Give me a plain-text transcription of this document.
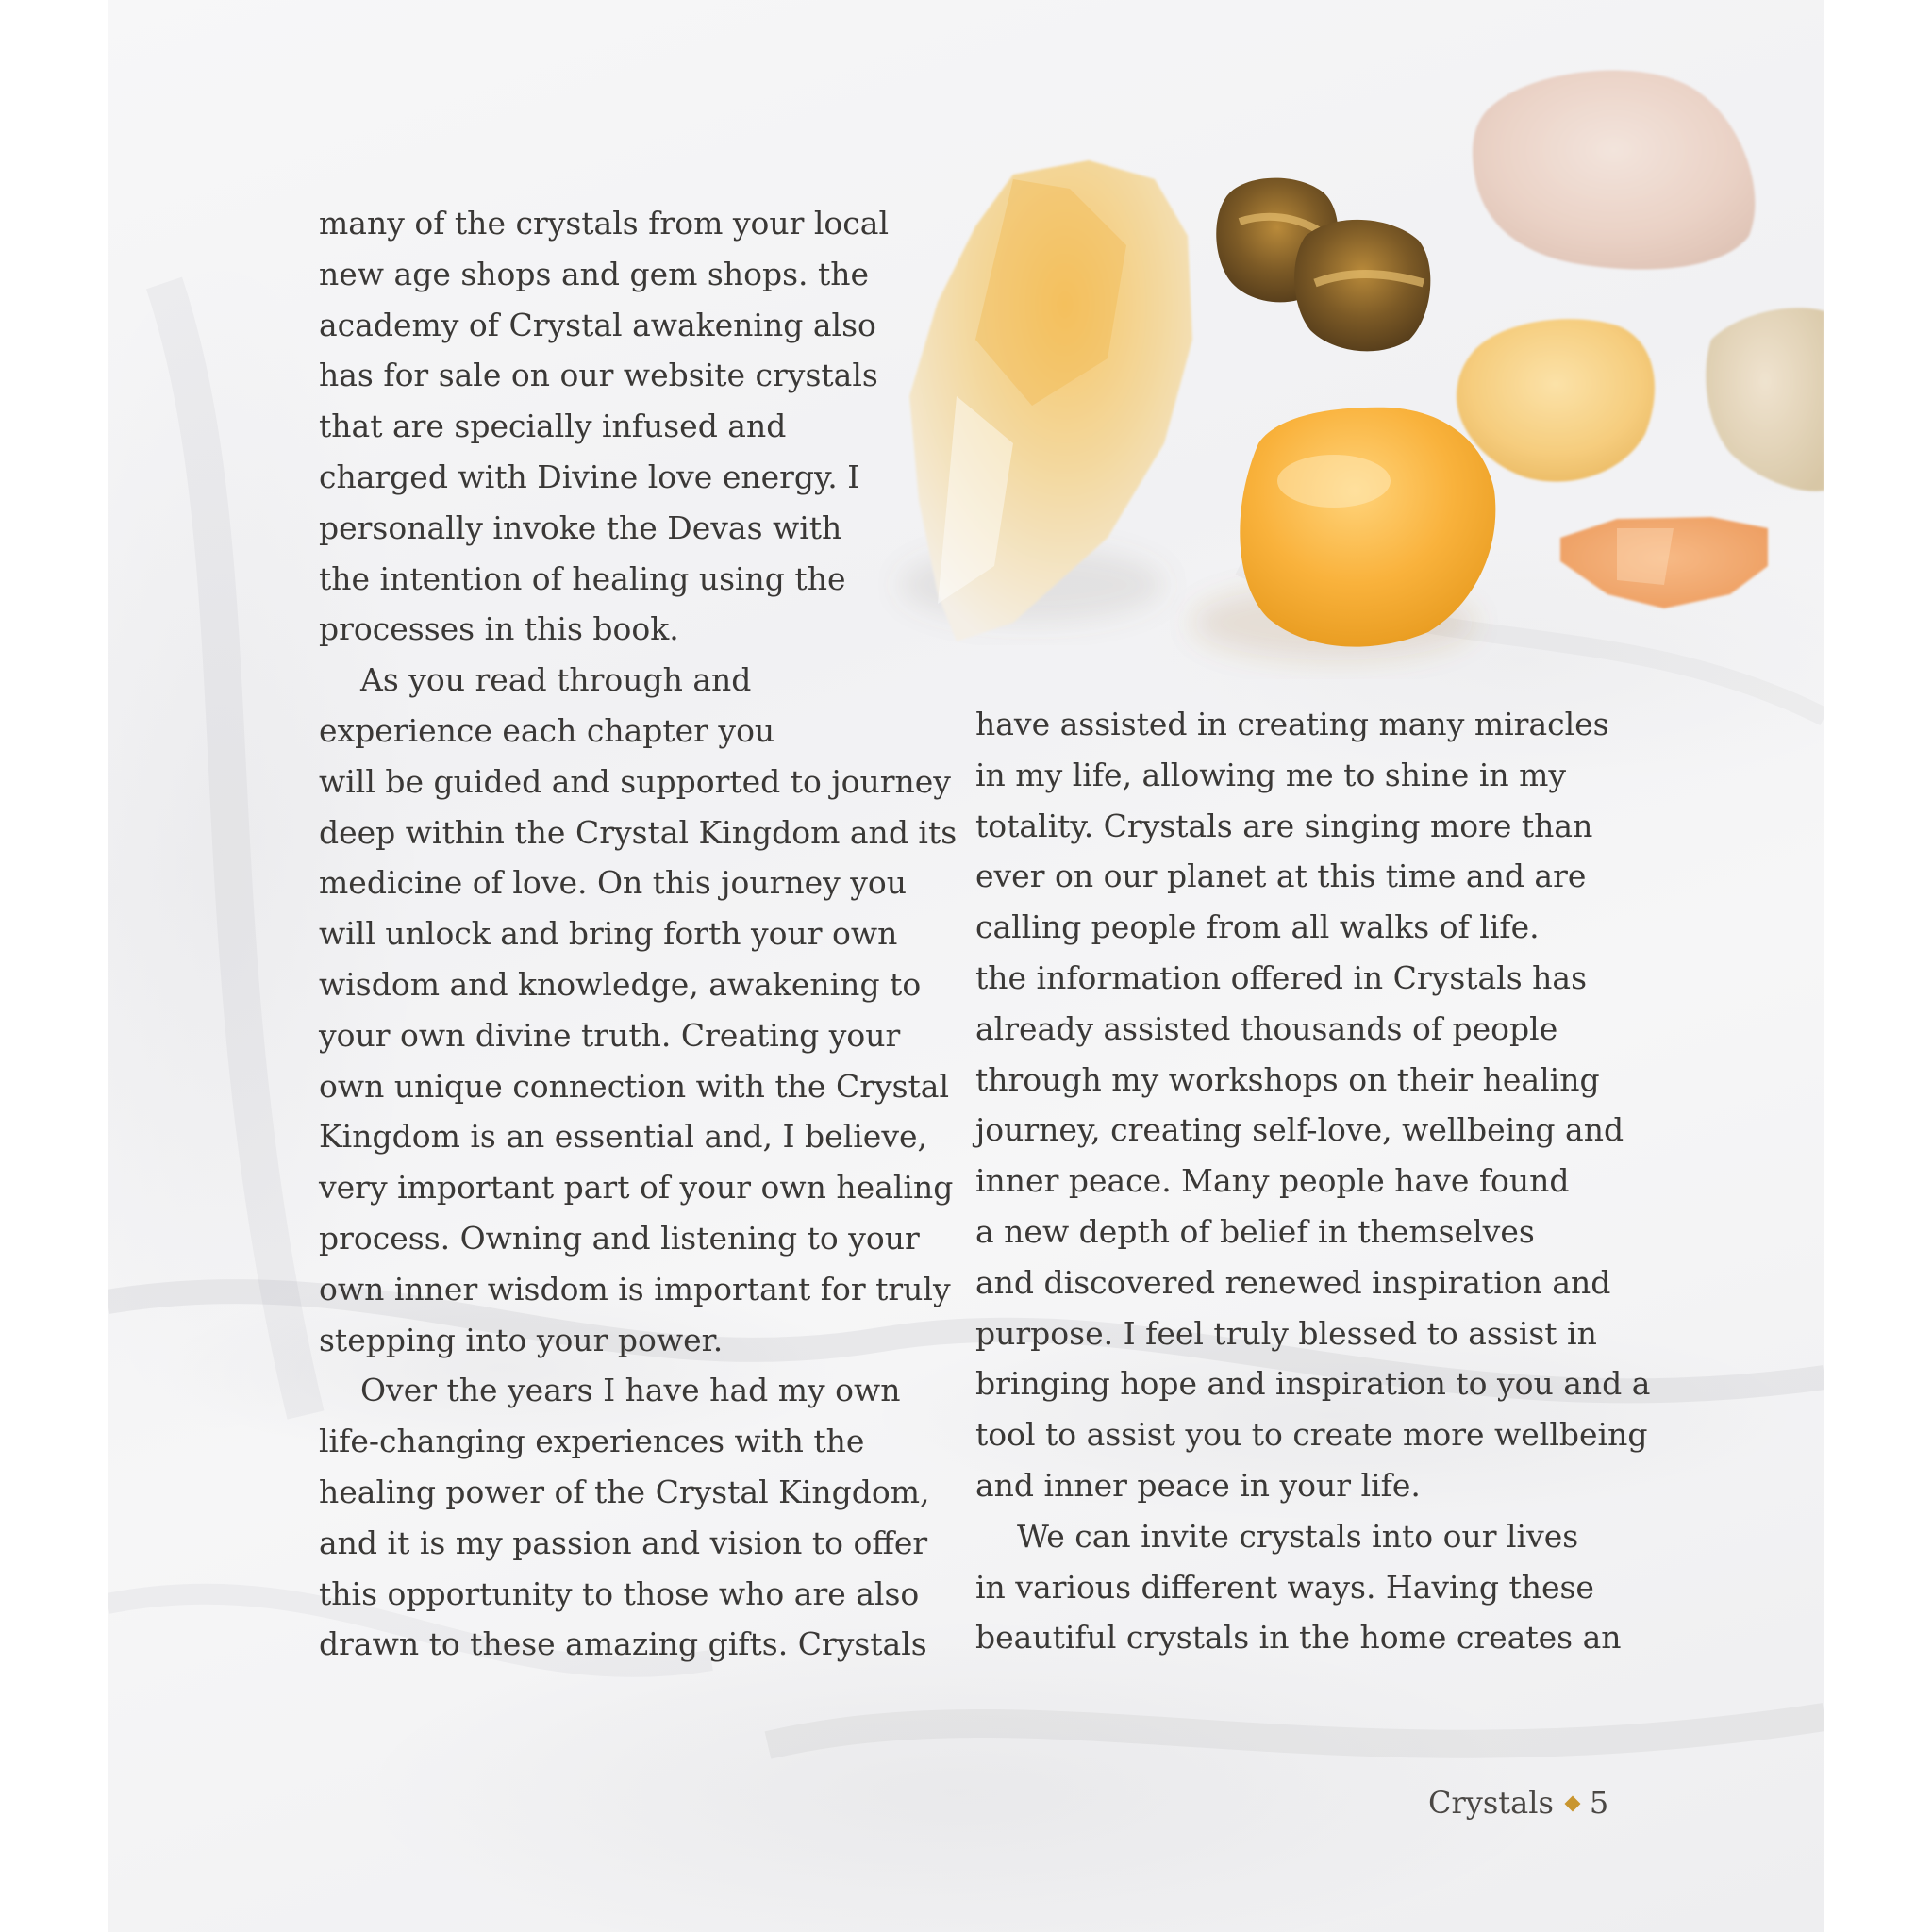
many of the crystals from your local
new age shops and gem shops. the
academy of Crystal awakening also
has for sale on our website crystals
that are specially infused and
charged with Divine love energy. I
personally invoke the Devas with
the intention of healing using the
processes in this book.
As you read through and
experience each chapter you
will be guided and supported to journey
deep within the Crystal Kingdom and its
medicine of love. On this journey you
will unlock and bring forth your own
wisdom and knowledge, awakening to
your own divine truth. Creating your
own unique connection with the Crystal
Kingdom is an essential and, I believe,
very important part of your own healing
process. Owning and listening to your
own inner wisdom is important for truly
stepping into your power.
Over the years I have had my own
life-changing experiences with the
healing power of the Crystal Kingdom,
and it is my passion and vision to offer
this opportunity to those who are also
drawn to these amazing gifts. Crystals
have assisted in creating many miracles
in my life, allowing me to shine in my
totality. Crystals are singing more than
ever on our planet at this time and are
calling people from all walks of life.
the information offered in Crystals has
already assisted thousands of people
through my workshops on their healing
journey, creating self-love, wellbeing and
inner peace. Many people have found
a new depth of belief in themselves
and discovered renewed inspiration and
purpose. I feel truly blessed to assist in
bringing hope and inspiration to you and a
tool to assist you to create more wellbeing
and inner peace in your life.
We can invite crystals into our lives
in various different ways. Having these
beautiful crystals in the home creates an
Crystals 5
